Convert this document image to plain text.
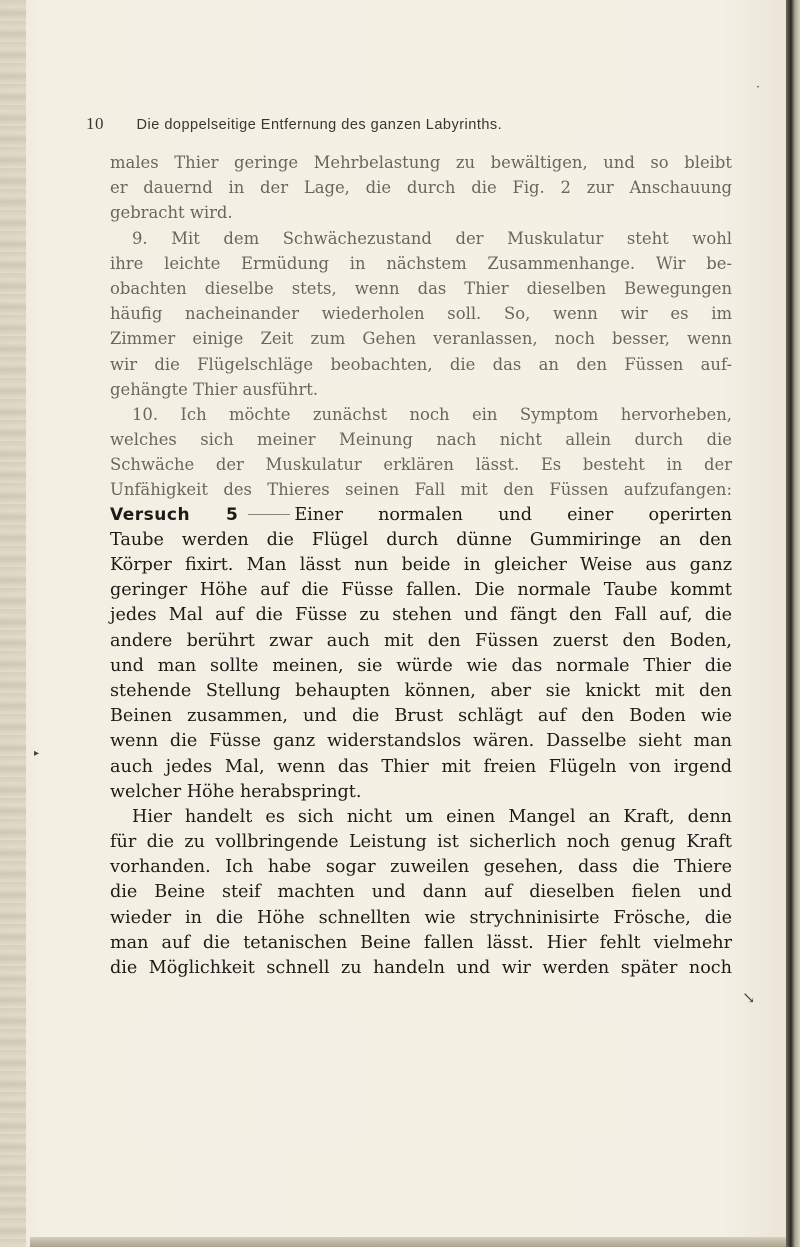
10 Die doppelseitige Entfernung des ganzen Labyrinths.
males Thier geringe Mehrbelastung zu bewältigen, und so bleibt
er dauernd in der Lage, die durch die Fig. 2 zur Anschauung
gebracht wird.
9. Mit dem Schwächezustand der Muskulatur steht wohl
ihre leichte Ermüdung in nächstem Zusammenhange. Wir be-
obachten dieselbe stets, wenn das Thier dieselben Bewegungen
häufig nacheinander wiederholen soll. So, wenn wir es im
Zimmer einige Zeit zum Gehen veranlassen, noch besser, wenn
wir die Flügelschläge beobachten, die das an den Füssen auf-
gehängte Thier ausführt.
10. Ich möchte zunächst noch ein Symptom hervorheben,
welches sich meiner Meinung nach nicht allein durch die
Schwäche der Muskulatur erklären lässt. Es besteht in der
Unfähigkeit des Thieres seinen Fall mit den Füssen aufzufangen:
Versuch 5	Einer normalen und einer operirten
Taube werden die Flügel durch dünne Gummiringe an den
Körper fixirt. Man lässt nun beide in gleicher Weise aus ganz
geringer Höhe auf die Füsse fallen. Die normale Taube kommt
jedes Mal auf die Füsse zu stehen und fängt den Fall auf, die
andere berührt zwar auch mit den Füssen zuerst den Boden,
und man sollte meinen, sie würde wie das normale Thier die
stehende Stellung behaupten können, aber sie knickt mit den
Beinen zusammen, und die Brust schlägt auf den Boden wie
wenn die Füsse ganz widerstandslos wären. Dasselbe sieht man
auch jedes Mal, wenn das Thier mit freien Flügeln von irgend
welcher Höhe herabspringt.
Hier handelt es sich nicht um einen Mangel an Kraft, denn
für die zu vollbringende Leistung ist sicherlich noch genug Kraft
vorhanden. Ich habe sogar zuweilen gesehen, dass die Thiere
die Beine steif machten und dann auf dieselben fielen und
wieder in die Höhe schnellten wie strychninisirte Frösche, die
man auf die tetanischen Beine fallen lässt. Hier fehlt vielmehr
die Möglichkeit schnell zu handeln und wir werden später noch
·
↘
▸
